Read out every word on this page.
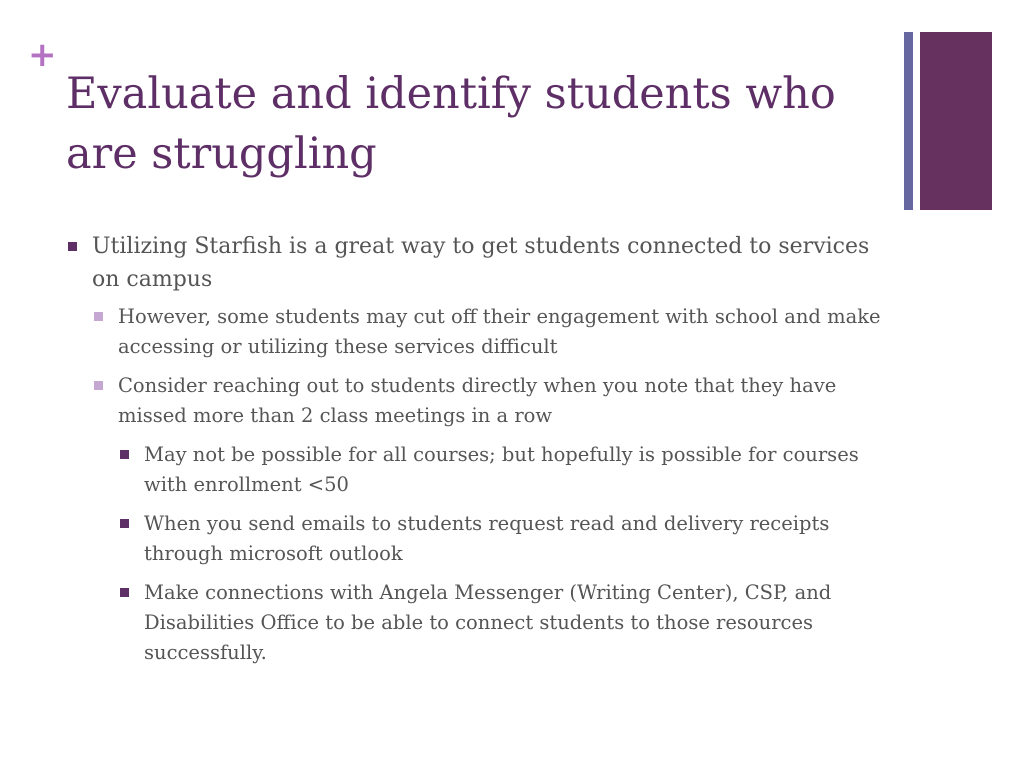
+
Evaluate and identify students who are struggling
Utilizing Starfish is a great way to get students connected to services on campus
However, some students may cut off their engagement with school and make accessing or utilizing these services difficult
Consider reaching out to students directly when you note that they have missed more than 2 class meetings in a row
May not be possible for all courses; but hopefully is possible for courses with enrollment <50
When you send emails to students request read and delivery receipts through microsoft outlook
Make connections with Angela Messenger (Writing Center), CSP, and Disabilities Office to be able to connect students to those resources successfully.
